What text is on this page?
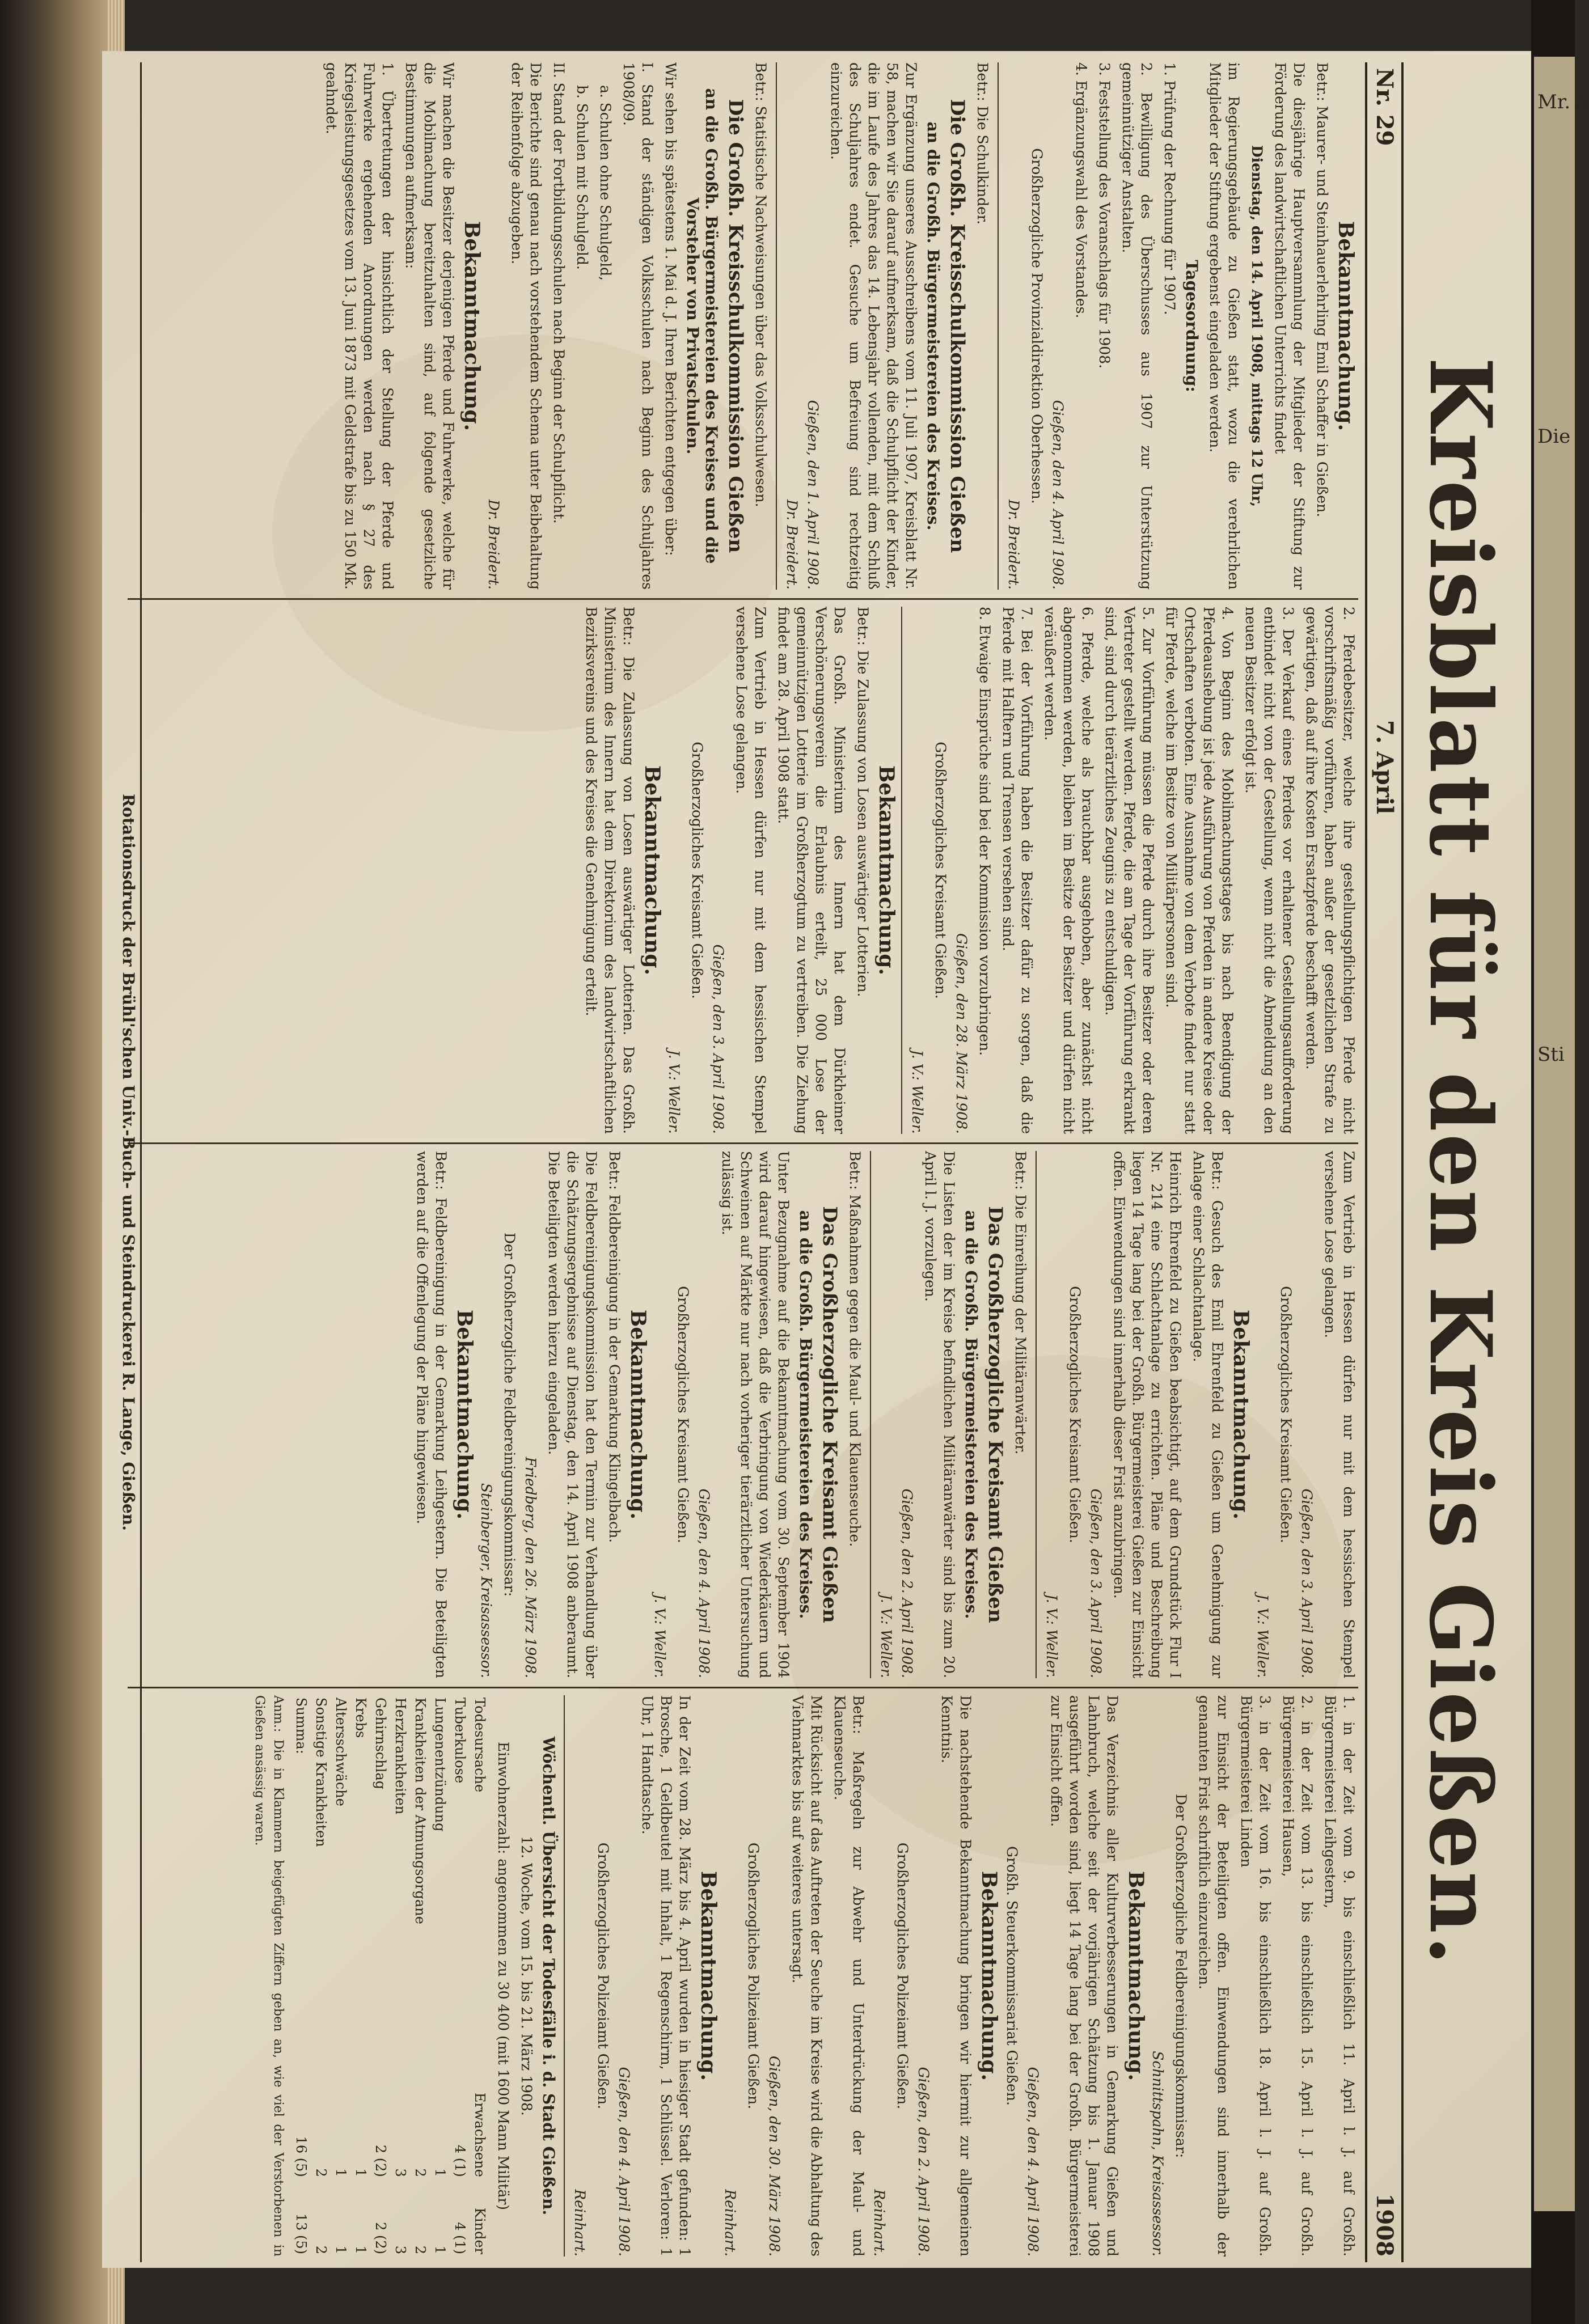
Mr. 5
Die
Sti
Kreisblatt für den Kreis Gießen.
Nr. 29
7. April
1908
Bekanntmachung.

Betr.: Maurer- und Steinhauerlehrling Emil Schaffer in Gießen.

Die diesjährige Hauptversammlung der Mitglieder der Stiftung zur Förderung des landwirtschaftlichen Unterrichts findet

Dienstag, den 14. April 1908, mittags 12 Uhr,

im Regierungsgebäude zu Gießen statt, wozu die verehrlichen Mitglieder der Stiftung ergebenst eingeladen werden.

Tagesordnung:

1. Prüfung der Rechnung für 1907.

2. Bewilligung des Überschusses aus 1907 zur Unterstützung gemeinnütziger Anstalten.

3. Feststellung des Voranschlags für 1908.

4. Ergänzungswahl des Vorstandes.

Gießen, den 4. April 1908.

Großherzogliche Provinzialdirektion Oberhessen.

Dr. Breidert.

Betr.: Die Schulkinder.

Die Großh. Kreisschulkommission Gießen
an die Großh. Bürgermeistereien des Kreises.

Zur Ergänzung unseres Ausschreibens vom 11. Juli 1907, Kreisblatt Nr. 58, machen wir Sie darauf aufmerksam, daß die Schulpflicht der Kinder, die im Laufe des Jahres das 14. Lebensjahr vollenden, mit dem Schluß des Schuljahres endet. Gesuche um Befreiung sind rechtzeitig einzureichen.

Gießen, den 1. April 1908.

Dr. Breidert.

Betr.: Statistische Nachweisungen über das Volksschulwesen.

Die Großh. Kreisschulkommission Gießen
an die Großh. Bürgermeistereien des Kreises und die Vorsteher von Privatschulen.

Wir sehen bis spätestens 1. Mai d. J. Ihren Berichten entgegen über:

I. Stand der ständigen Volksschulen nach Beginn des Schuljahres 1908/09.

a. Schulen ohne Schulgeld,

b. Schulen mit Schulgeld.

II. Stand der Fortbildungsschulen nach Beginn der Schulpflicht.

Die Berichte sind genau nach vorstehendem Schema unter Beibehaltung der Reihenfolge abzugeben.

Dr. Breidert.

Bekanntmachung.

Wir machen die Besitzer derjenigen Pferde und Fuhrwerke, welche für die Mobilmachung bereitzuhalten sind, auf folgende gesetzliche Bestimmungen aufmerksam:

1. Übertretungen der hinsichtlich der Stellung der Pferde und Fuhrwerke ergehenden Anordnungen werden nach § 27 des Kriegsleistungsgesetzes vom 13. Juni 1873 mit Geldstrafe bis zu 150 Mk. geahndet.

2. Pferdebesitzer, welche ihre gestellungspflichtigen Pferde nicht vorschriftsmäßig vorführen, haben außer der gesetzlichen Strafe zu gewärtigen, daß auf ihre Kosten Ersatzpferde beschafft werden.

3. Der Verkauf eines Pferdes vor erhaltener Gestellungsaufforderung entbindet nicht von der Gestellung, wenn nicht die Abmeldung an den neuen Besitzer erfolgt ist.

4. Von Beginn des Mobilmachungstages bis nach Beendigung der Pferdeaushebung ist jede Ausführung von Pferden in andere Kreise oder Ortschaften verboten. Eine Ausnahme von dem Verbote findet nur statt für Pferde, welche im Besitze von Militärpersonen sind.

5. Zur Vorführung müssen die Pferde durch ihre Besitzer oder deren Vertreter gestellt werden. Pferde, die am Tage der Vorführung erkrankt sind, sind durch tierärztliches Zeugnis zu entschuldigen.

6. Pferde, welche als brauchbar ausgehoben, aber zunächst nicht abgenommen werden, bleiben im Besitze der Besitzer und dürfen nicht veräußert werden.

7. Bei der Vorführung haben die Besitzer dafür zu sorgen, daß die Pferde mit Halftern und Trensen versehen sind.

8. Etwaige Einsprüche sind bei der Kommission vorzubringen.

Gießen, den 28. März 1908.

Großherzogliches Kreisamt Gießen.

J. V.: Weller.

Bekanntmachung.

Betr.: Die Zulassung von Losen auswärtiger Lotterien.

Das Großh. Ministerium des Innern hat dem Dürkheimer Verschönerungsverein die Erlaubnis erteilt, 25 000 Lose der gemeinnützigen Lotterie im Großherzogtum zu vertreiben. Die Ziehung findet am 28. April 1908 statt.

Zum Vertrieb in Hessen dürfen nur mit dem hessischen Stempel versehene Lose gelangen.

Gießen, den 3. April 1908.

Großherzogliches Kreisamt Gießen.

J. V.: Weller.

Bekanntmachung.

Betr.: Die Zulassung von Losen auswärtiger Lotterien. Das Großh. Ministerium des Innern hat dem Direktorium des landwirtschaftlichen Bezirksvereins und des Kreises die Genehmigung erteilt.

Zum Vertrieb in Hessen dürfen nur mit dem hessischen Stempel versehene Lose gelangen.

Gießen, den 3. April 1908.

Großherzogliches Kreisamt Gießen.

J. V.: Weller.

Bekanntmachung.

Betr.: Gesuch des Emil Ehrenfeld zu Gießen um Genehmigung zur Anlage einer Schlachtanlage.

Heinrich Ehrenfeld zu Gießen beabsichtigt, auf dem Grundstück Flur I Nr. 214 eine Schlachtanlage zu errichten. Pläne und Beschreibung liegen 14 Tage lang bei der Großh. Bürgermeisterei Gießen zur Einsicht offen. Einwendungen sind innerhalb dieser Frist anzubringen.

Gießen, den 3. April 1908.

Großherzogliches Kreisamt Gießen.

J. V.: Weller.

Betr.: Die Einreihung der Militäranwärter.

Das Großherzogliche Kreisamt Gießen
an die Großh. Bürgermeistereien des Kreises.

Die Listen der im Kreise befindlichen Militäranwärter sind bis zum 20. April l. J. vorzulegen.

Gießen, den 2. April 1908.

J. V.: Weller.

Betr.: Maßnahmen gegen die Maul- und Klauenseuche.

Das Großherzogliche Kreisamt Gießen
an die Großh. Bürgermeistereien des Kreises.

Unter Bezugnahme auf die Bekanntmachung vom 30. September 1904 wird darauf hingewiesen, daß die Verbringung von Wiederkäuern und Schweinen auf Märkte nur nach vorheriger tierärztlicher Untersuchung zulässig ist.

Gießen, den 4. April 1908.

Großherzogliches Kreisamt Gießen.

J. V.: Weller.

Bekanntmachung.

Betr.: Feldbereinigung in der Gemarkung Klingelbach.

Die Feldbereinigungskommission hat den Termin zur Verhandlung über die Schätzungsergebnisse auf Dienstag, den 14. April 1908 anberaumt. Die Beteiligten werden hierzu eingeladen.

Friedberg, den 26. März 1908.

Der Großherzogliche Feldbereinigungskommissar:

Steinberger, Kreisassessor.

Bekanntmachung.

Betr.: Feldbereinigung in der Gemarkung Leihgestern. Die Beteiligten werden auf die Offenlegung der Pläne hingewiesen.

1. in der Zeit vom 9. bis einschließlich 11. April l. J. auf Großh. Bürgermeisterei Leihgestern,

2. in der Zeit vom 13. bis einschließlich 15. April l. J. auf Großh. Bürgermeisterei Hausen,

3. in der Zeit vom 16. bis einschließlich 18. April l. J. auf Großh. Bürgermeisterei Linden

zur Einsicht der Beteiligten offen. Einwendungen sind innerhalb der genannten Frist schriftlich einzureichen.

Der Großherzogliche Feldbereinigungskommissar:

Schnittspahn, Kreisassessor.

Bekanntmachung.

Das Verzeichnis aller Kulturverbesserungen in Gemarkung Gießen und Lahnbruch, welche seit der vorjährigen Schätzung bis 1. Januar 1908 ausgeführt worden sind, liegt 14 Tage lang bei der Großh. Bürgermeisterei zur Einsicht offen.

Gießen, den 4. April 1908.

Großh. Steuerkommissariat Gießen.

Bekanntmachung.

Die nachstehende Bekanntmachung bringen wir hiermit zur allgemeinen Kenntnis.

Gießen, den 2. April 1908.

Großherzogliches Polizeiamt Gießen.

Reinhart.

Betr.: Maßregeln zur Abwehr und Unterdrückung der Maul- und Klauenseuche.

Mit Rücksicht auf das Auftreten der Seuche im Kreise wird die Abhaltung des Viehmarktes bis auf weiteres untersagt.

Gießen, den 30. März 1908.

Großherzogliches Polizeiamt Gießen.

Reinhart.

Bekanntmachung.

In der Zeit vom 28. März bis 4. April wurden in hiesiger Stadt gefunden: 1 Brosche, 1 Geldbeutel mit Inhalt, 1 Regenschirm, 1 Schlüssel. Verloren: 1 Uhr, 1 Handtasche.

Gießen, den 4. April 1908.

Großherzogliches Polizeiamt Gießen.

Reinhart.

Wöchentl. Übersicht der Todesfälle i. d. Stadt Gießen.

12. Woche, vom 15. bis 21. März 1908.

Einwohnerzahl: angenommen zu 30 400 (mit 1600 Mann Militär)

Todesursache	Erwachsene	Kinder
Tuberkulose	4 (1)	4 (1)
Lungenentzündung	1	1
Krankheiten der Atmungsorgane	2	2
Herzkrankheiten	3	3
Gehirnschlag	2 (2)	2 (2)
Krebs	1	1
Altersschwäche	1	1
Sonstige Krankheiten	2	2
Summa:	16 (5)	13 (5)

Anm.: Die in Klammern beigefügten Ziffern geben an, wie viel der Verstorbenen in Gießen ansässig waren.

Rotationsdruck der Brühl'schen Univ.-Buch- und Steindruckerei R. Lange, Gießen.
